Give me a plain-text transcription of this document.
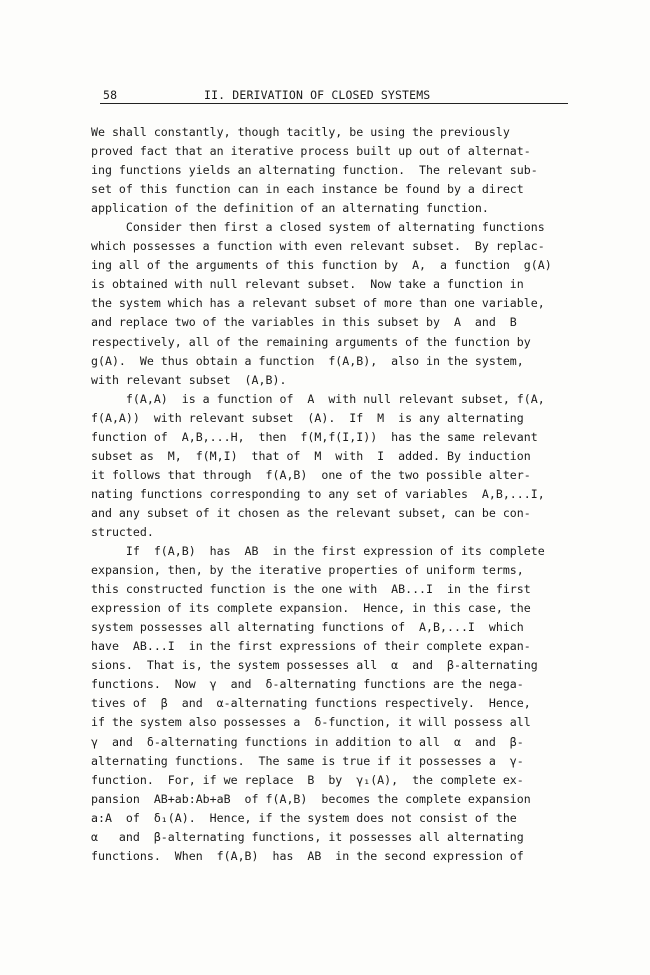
58	II. DERIVATION OF CLOSED SYSTEMS
We shall constantly, though tacitly, be using the previously
proved fact that an iterative process built up out of alternat-
ing functions yields an alternating function.  The relevant sub-
set of this function can in each instance be found by a direct
application of the definition of an alternating function.
Consider then first a closed system of alternating functions
which possesses a function with even relevant subset.  By replac-
ing all of the arguments of this function by  A,  a function  g(A)
is obtained with null relevant subset.  Now take a function in
the system which has a relevant subset of more than one variable,
and replace two of the variables in this subset by  A  and  B
respectively, all of the remaining arguments of the function by
g(A).  We thus obtain a function  f(A,B),  also in the system,
with relevant subset  (A,B).
f(A,A)  is a function of  A  with null relevant subset, f(A,
f(A,A))  with relevant subset  (A).  If  M  is any alternating
function of  A,B,...H,  then  f(M,f(I,I))  has the same relevant
subset as  M,  f(M,I)  that of  M  with  I  added. By induction
it follows that through  f(A,B)  one of the two possible alter-
nating functions corresponding to any set of variables  A,B,...I,
and any subset of it chosen as the relevant subset, can be con-
structed.
If  f(A,B)  has  AB  in the first expression of its complete
expansion, then, by the iterative properties of uniform terms,
this constructed function is the one with  AB...I  in the first
expression of its complete expansion.  Hence, in this case, the
system possesses all alternating functions of  A,B,...I  which
have  AB...I  in the first expressions of their complete expan-
sions.  That is, the system possesses all  α  and  β-alternating
functions.  Now  γ  and  δ-alternating functions are the nega-
tives of  β  and  α-alternating functions respectively.  Hence,
if the system also possesses a  δ-function, it will possess all
γ  and  δ-alternating functions in addition to all  α  and  β-
alternating functions.  The same is true if it possesses a  γ-
function.  For, if we replace  B  by  γ₁(A),  the complete ex-
pansion  AB+ab:Ab+aB  of f(A,B)  becomes the complete expansion
a:A  of  δ₁(A).  Hence, if the system does not consist of the
α   and  β-alternating functions, it possesses all alternating
functions.  When  f(A,B)  has  AB  in the second expression of
